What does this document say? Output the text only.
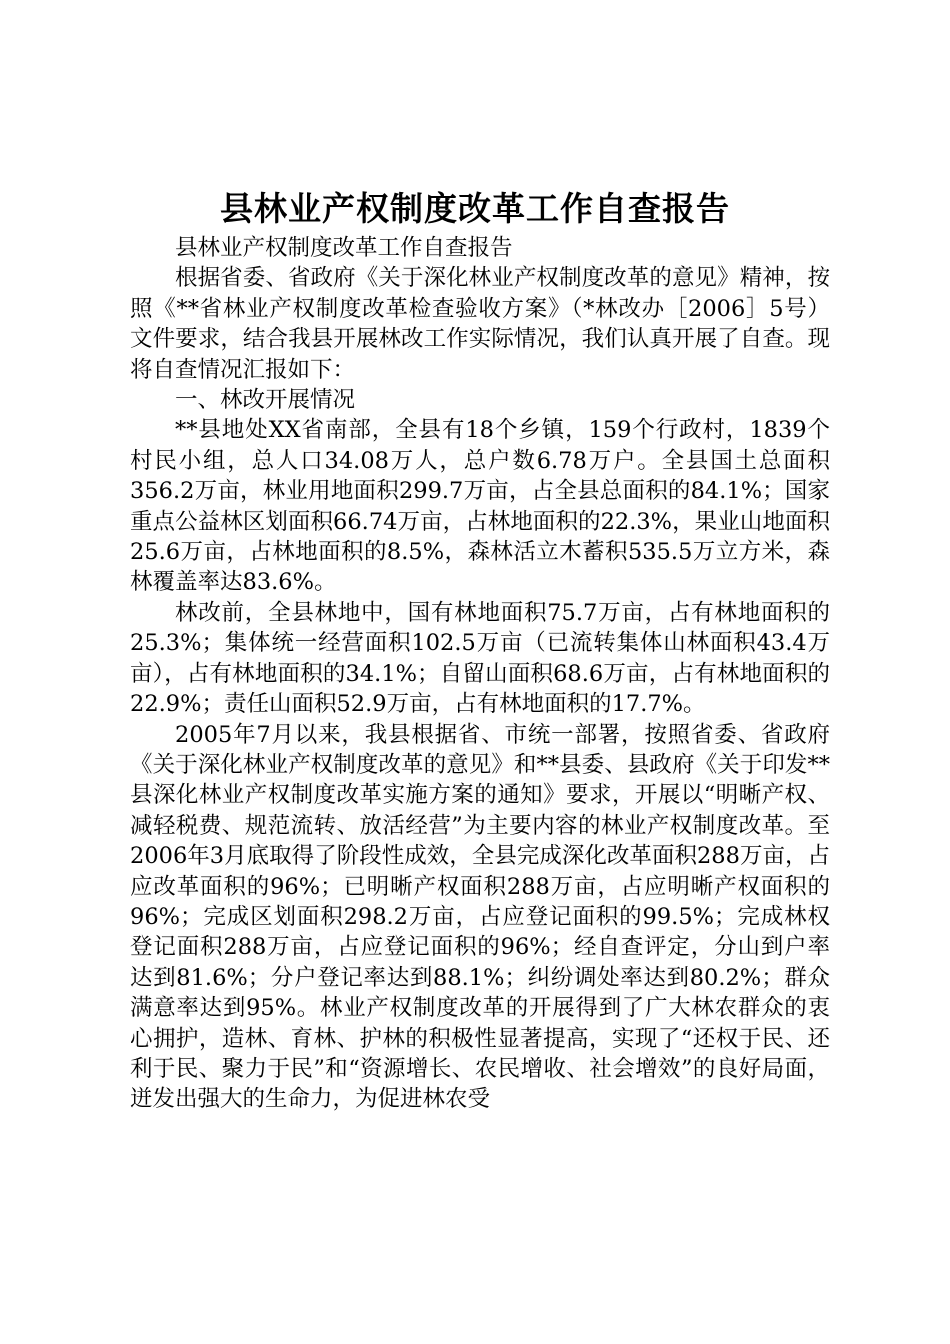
县林业产权制度改革工作自查报告

县林业产权制度改革工作自查报告

根据省委、省政府《关于深化林业产权制度改革的意见》精神，按照《**省林业产权制度改革检查验收方案》（*林改办［2006］5号）文件要求，结合我县开展林改工作实际情况，我们认真开展了自查。现将自查情况汇报如下：

一、林改开展情况

**县地处XX省南部，全县有18个乡镇，159个行政村，1839个村民小组，总人口34.08万人，总户数6.78万户。全县国土总面积356.2万亩，林业用地面积299.7万亩，占全县总面积的84.1%；国家重点公益林区划面积66.74万亩，占林地面积的22.3%，果业山地面积25.6万亩，占林地面积的8.5%，森林活立木蓄积535.5万立方米，森林覆盖率达83.6%。

林改前，全县林地中，国有林地面积75.7万亩，占有林地面积的25.3%；集体统一经营面积102.5万亩（已流转集体山林面积43.4万亩），占有林地面积的34.1%；自留山面积68.6万亩，占有林地面积的22.9%；责任山面积52.9万亩，占有林地面积的17.7%。

2005年7月以来，我县根据省、市统一部署，按照省委、省政府《关于深化林业产权制度改革的意见》和**县委、县政府《关于印发**县深化林业产权制度改革实施方案的通知》要求，开展以“明晰产权、减轻税费、规范流转、放活经营”为主要内容的林业产权制度改革。至2006年3月底取得了阶段性成效，全县完成深化改革面积288万亩，占应改革面积的96%；已明晰产权面积288万亩，占应明晰产权面积的96%；完成区划面积298.2万亩，占应登记面积的99.5%；完成林权登记面积288万亩，占应登记面积的96%；经自查评定，分山到户率达到81.6%；分户登记率达到88.1%；纠纷调处率达到80.2%；群众满意率达到95%。林业产权制度改革的开展得到了广大林农群众的衷心拥护，造林、育林、护林的积极性显著提高，实现了“还权于民、还利于民、聚力于民”和“资源增长、农民增收、社会增效”的良好局面，迸发出强大的生命力，为促进林农受
